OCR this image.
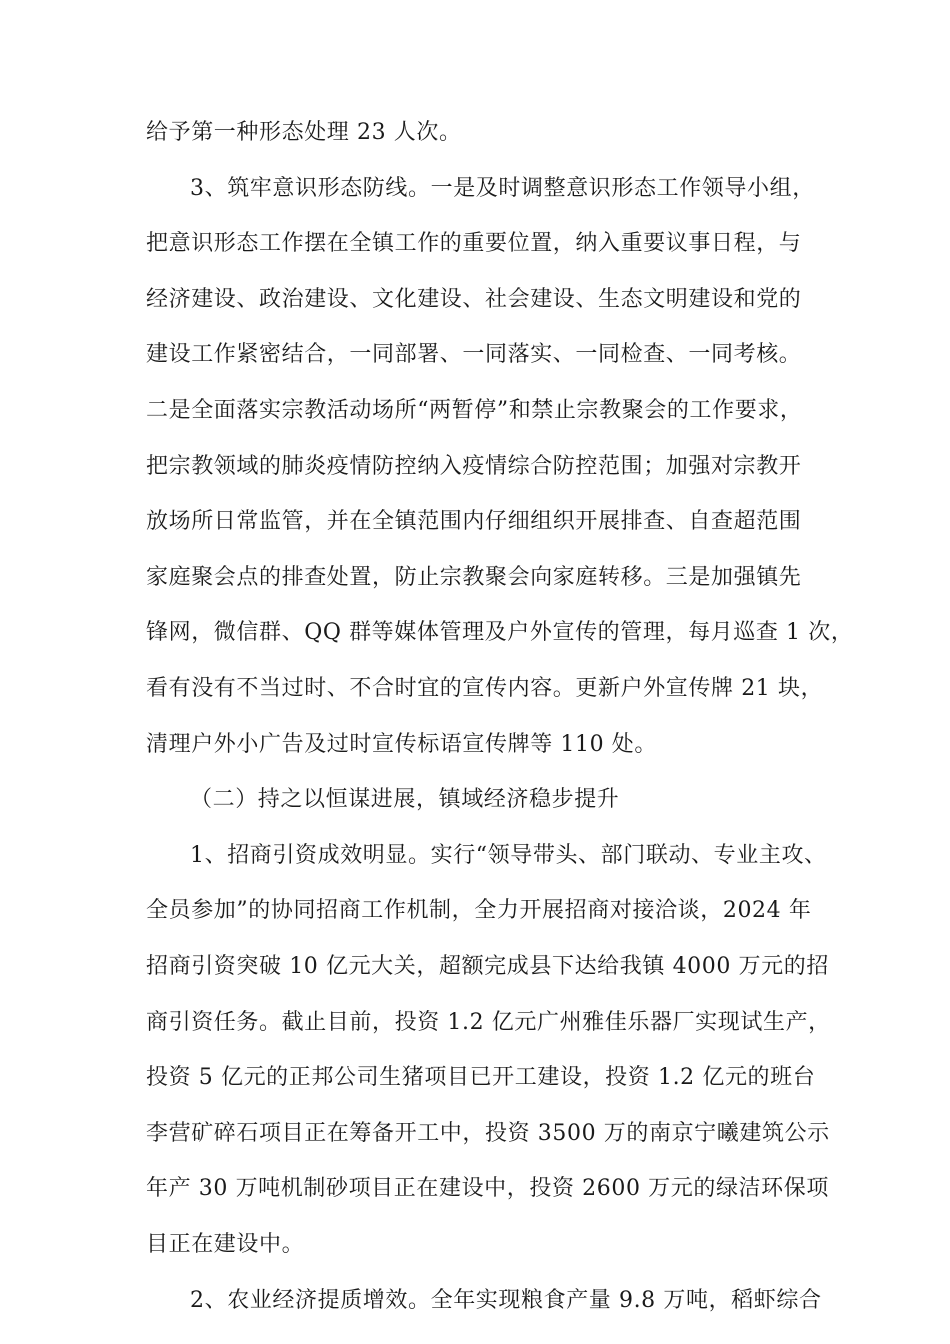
给予第一种形态处理 23 人次。
3、筑牢意识形态防线。一是及时调整意识形态工作领导小组，
把意识形态工作摆在全镇工作的重要位置，纳入重要议事日程，与
经济建设、政治建设、文化建设、社会建设、生态文明建设和党的
建设工作紧密结合，一同部署、一同落实、一同检查、一同考核。
二是全面落实宗教活动场所“两暂停”和禁止宗教聚会的工作要求，
把宗教领域的肺炎疫情防控纳入疫情综合防控范围；加强对宗教开
放场所日常监管，并在全镇范围内仔细组织开展排查、自查超范围
家庭聚会点的排查处置，防止宗教聚会向家庭转移。三是加强镇先
锋网，微信群、QQ 群等媒体管理及户外宣传的管理，每月巡查 1 次，
看有没有不当过时、不合时宜的宣传内容。更新户外宣传牌 21 块，
清理户外小广告及过时宣传标语宣传牌等 110 处。
（二）持之以恒谋进展，镇域经济稳步提升
1、招商引资成效明显。实行“领导带头、部门联动、专业主攻、
全员参加”的协同招商工作机制，全力开展招商对接洽谈，2024 年
招商引资突破 10 亿元大关，超额完成县下达给我镇 4000 万元的招
商引资任务。截止目前，投资 1.2 亿元广州雅佳乐器厂实现试生产，
投资 5 亿元的正邦公司生猪项目已开工建设，投资 1.2 亿元的班台
李营矿碎石项目正在筹备开工中，投资 3500 万的南京宁曦建筑公示
年产 30 万吨机制砂项目正在建设中，投资 2600 万元的绿洁环保项
目正在建设中。
2、农业经济提质增效。全年实现粮食产量 9.8 万吨，稻虾综合
